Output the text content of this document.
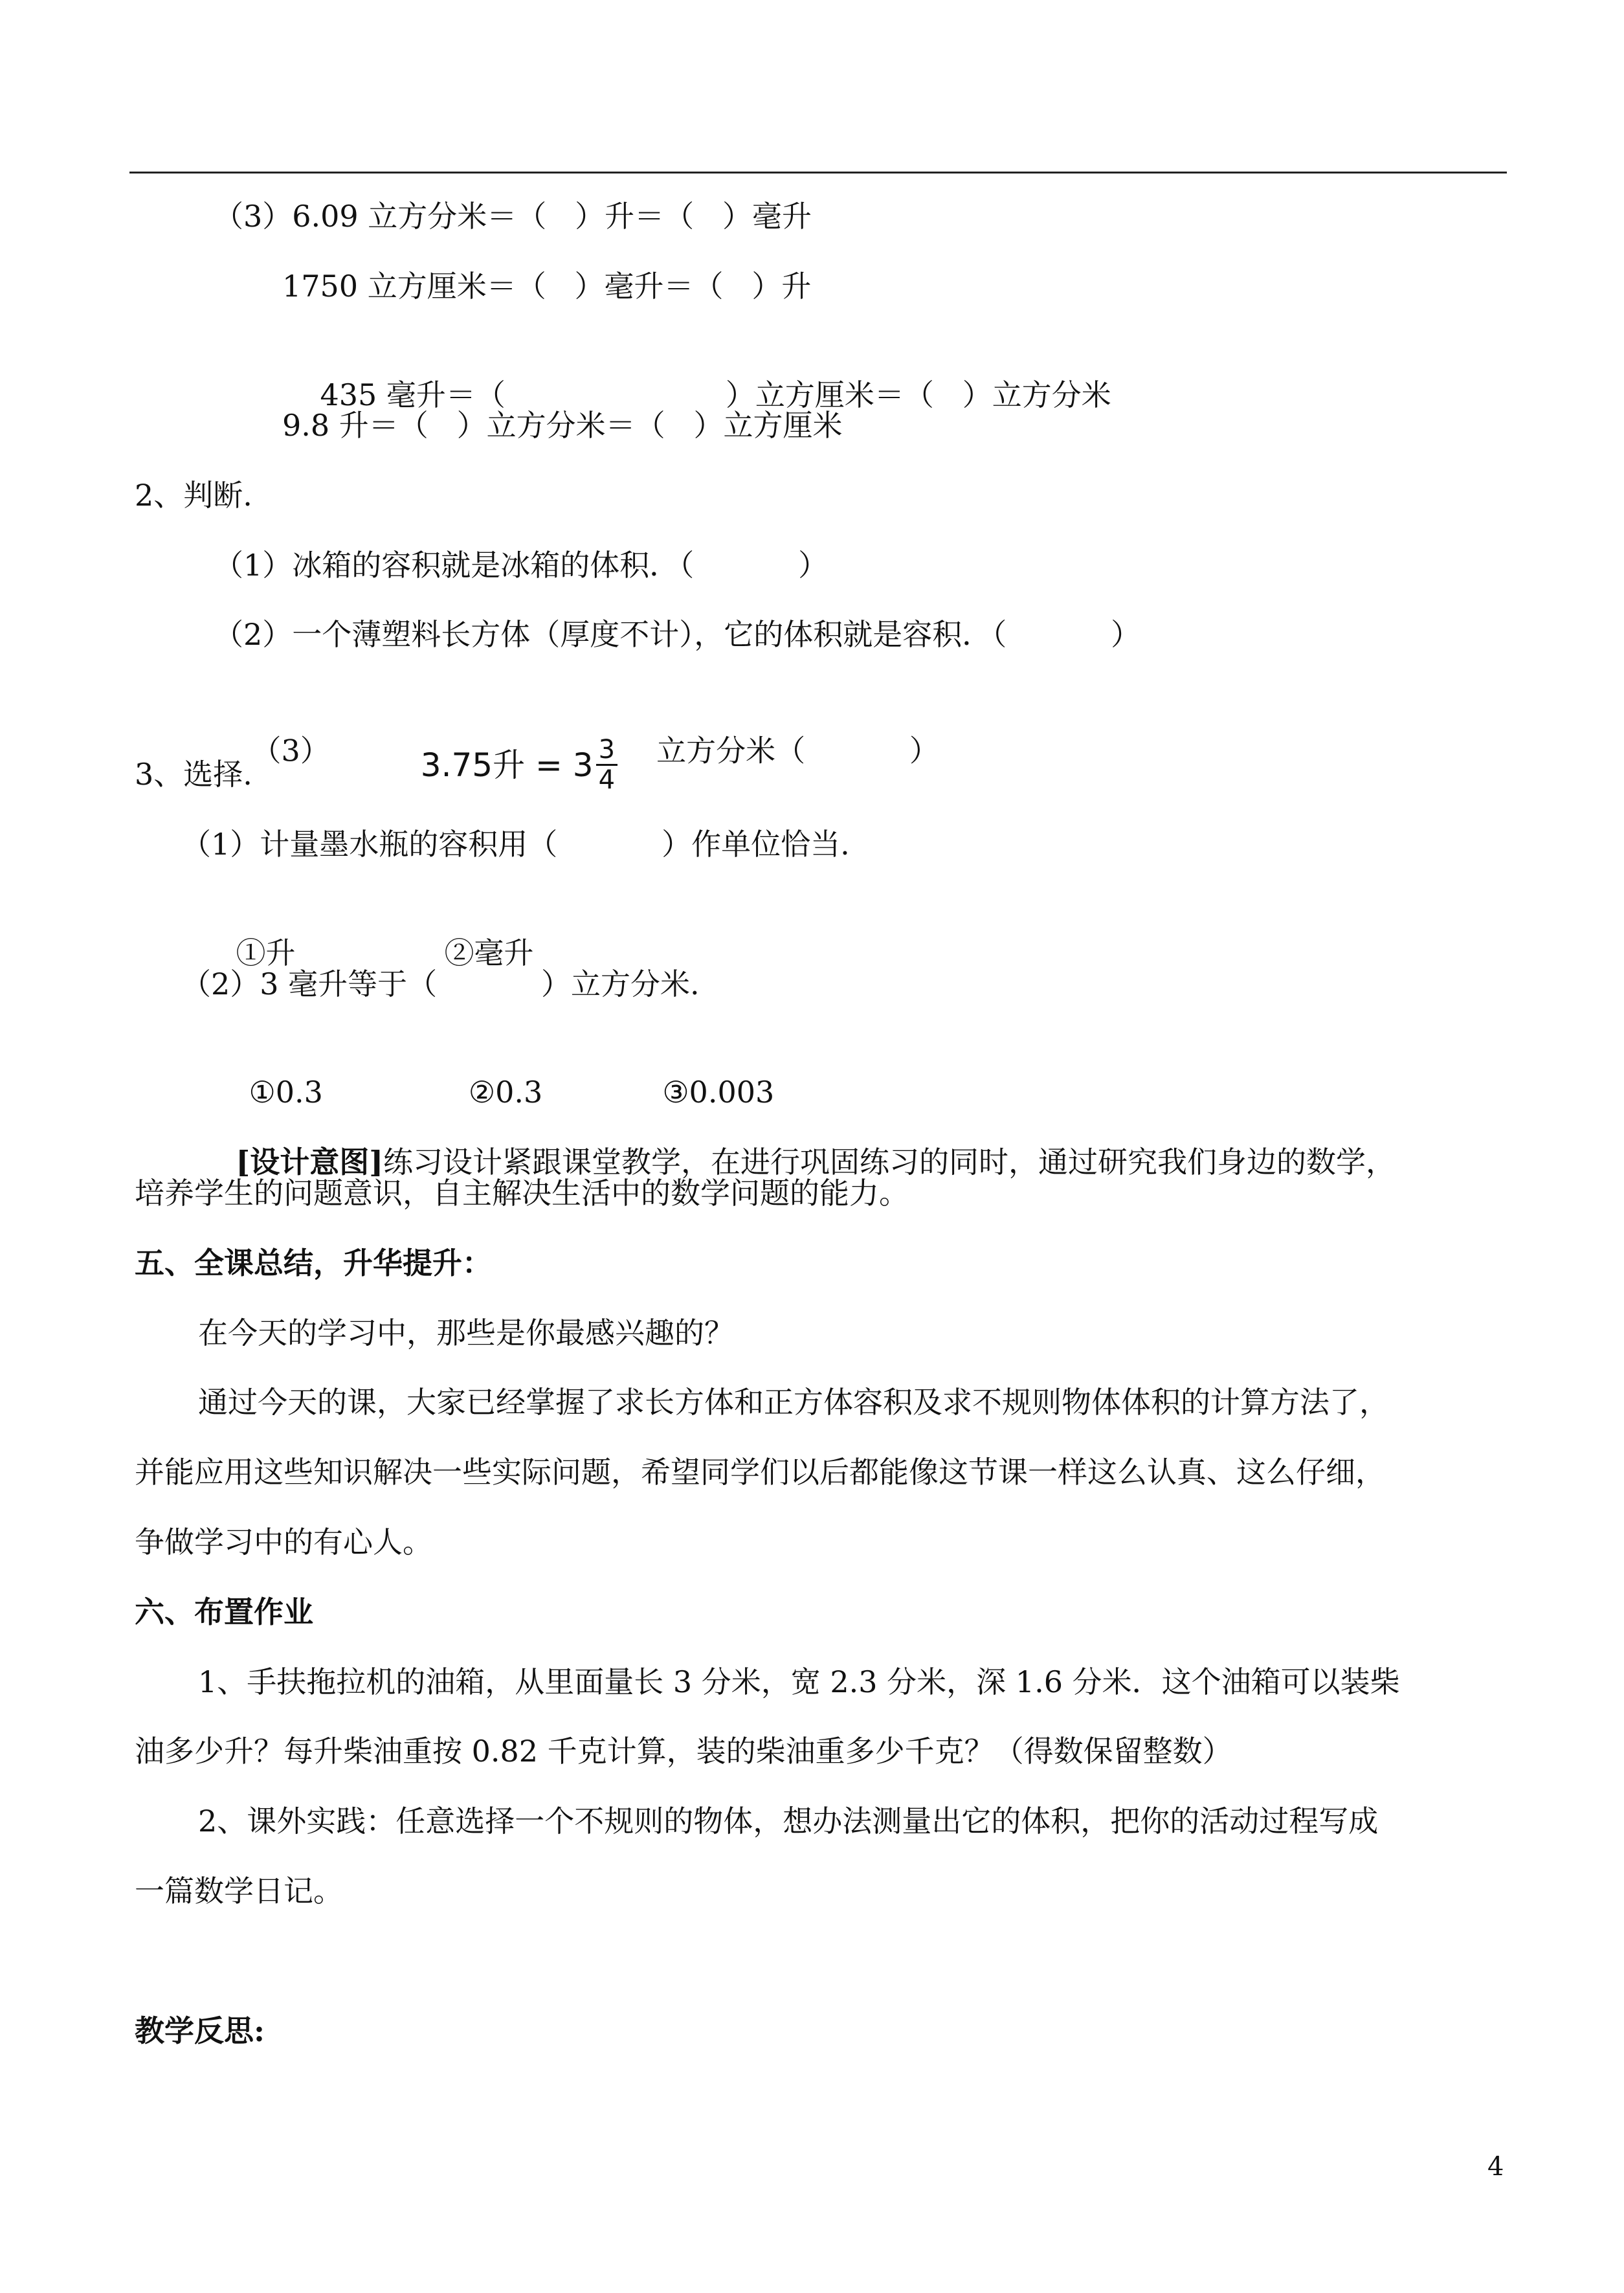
（3）6.09 立方分米＝（   ）升＝（   ）毫升
1750 立方厘米＝（   ）毫升＝（   ）升

435 毫升＝（	）立方厘米＝（   ）立方分米

9.8 升＝（   ）立方分米＝（   ）立方厘米
2、判断.
（1）冰箱的容积就是冰箱的体积．（           ）
（2）一个薄塑料长方体（厚度不计），它的体积就是容积．（           ）

（3）	3.75升 = $3 \frac{3}{4}$ 立方分米（           ）

3、选择.
（1）计量墨水瓶的容积用（           ）作单位恰当.

①升	②毫升

（2）3 毫升等于（           ）立方分米.

①0.3	②0.3	③0.003

[设计意图]练习设计紧跟课堂教学，在进行巩固练习的同时，通过研究我们身边的数学，

培养学生的问题意识，自主解决生活中的数学问题的能力。
五、全课总结，升华提升：
在今天的学习中，那些是你最感兴趣的？
通过今天的课，大家已经掌握了求长方体和正方体容积及求不规则物体体积的计算方法了，
并能应用这些知识解决一些实际问题，希望同学们以后都能像这节课一样这么认真、这么仔细，
争做学习中的有心人。
六、布置作业
1、手扶拖拉机的油箱，从里面量长 3 分米，宽 2.3 分米，深 1.6 分米．这个油箱可以装柴
油多少升？每升柴油重按 0.82 千克计算，装的柴油重多少千克？（得数保留整数）
2、课外实践：任意选择一个不规则的物体，想办法测量出它的体积，把你的活动过程写成
一篇数学日记。
教学反思:
4
